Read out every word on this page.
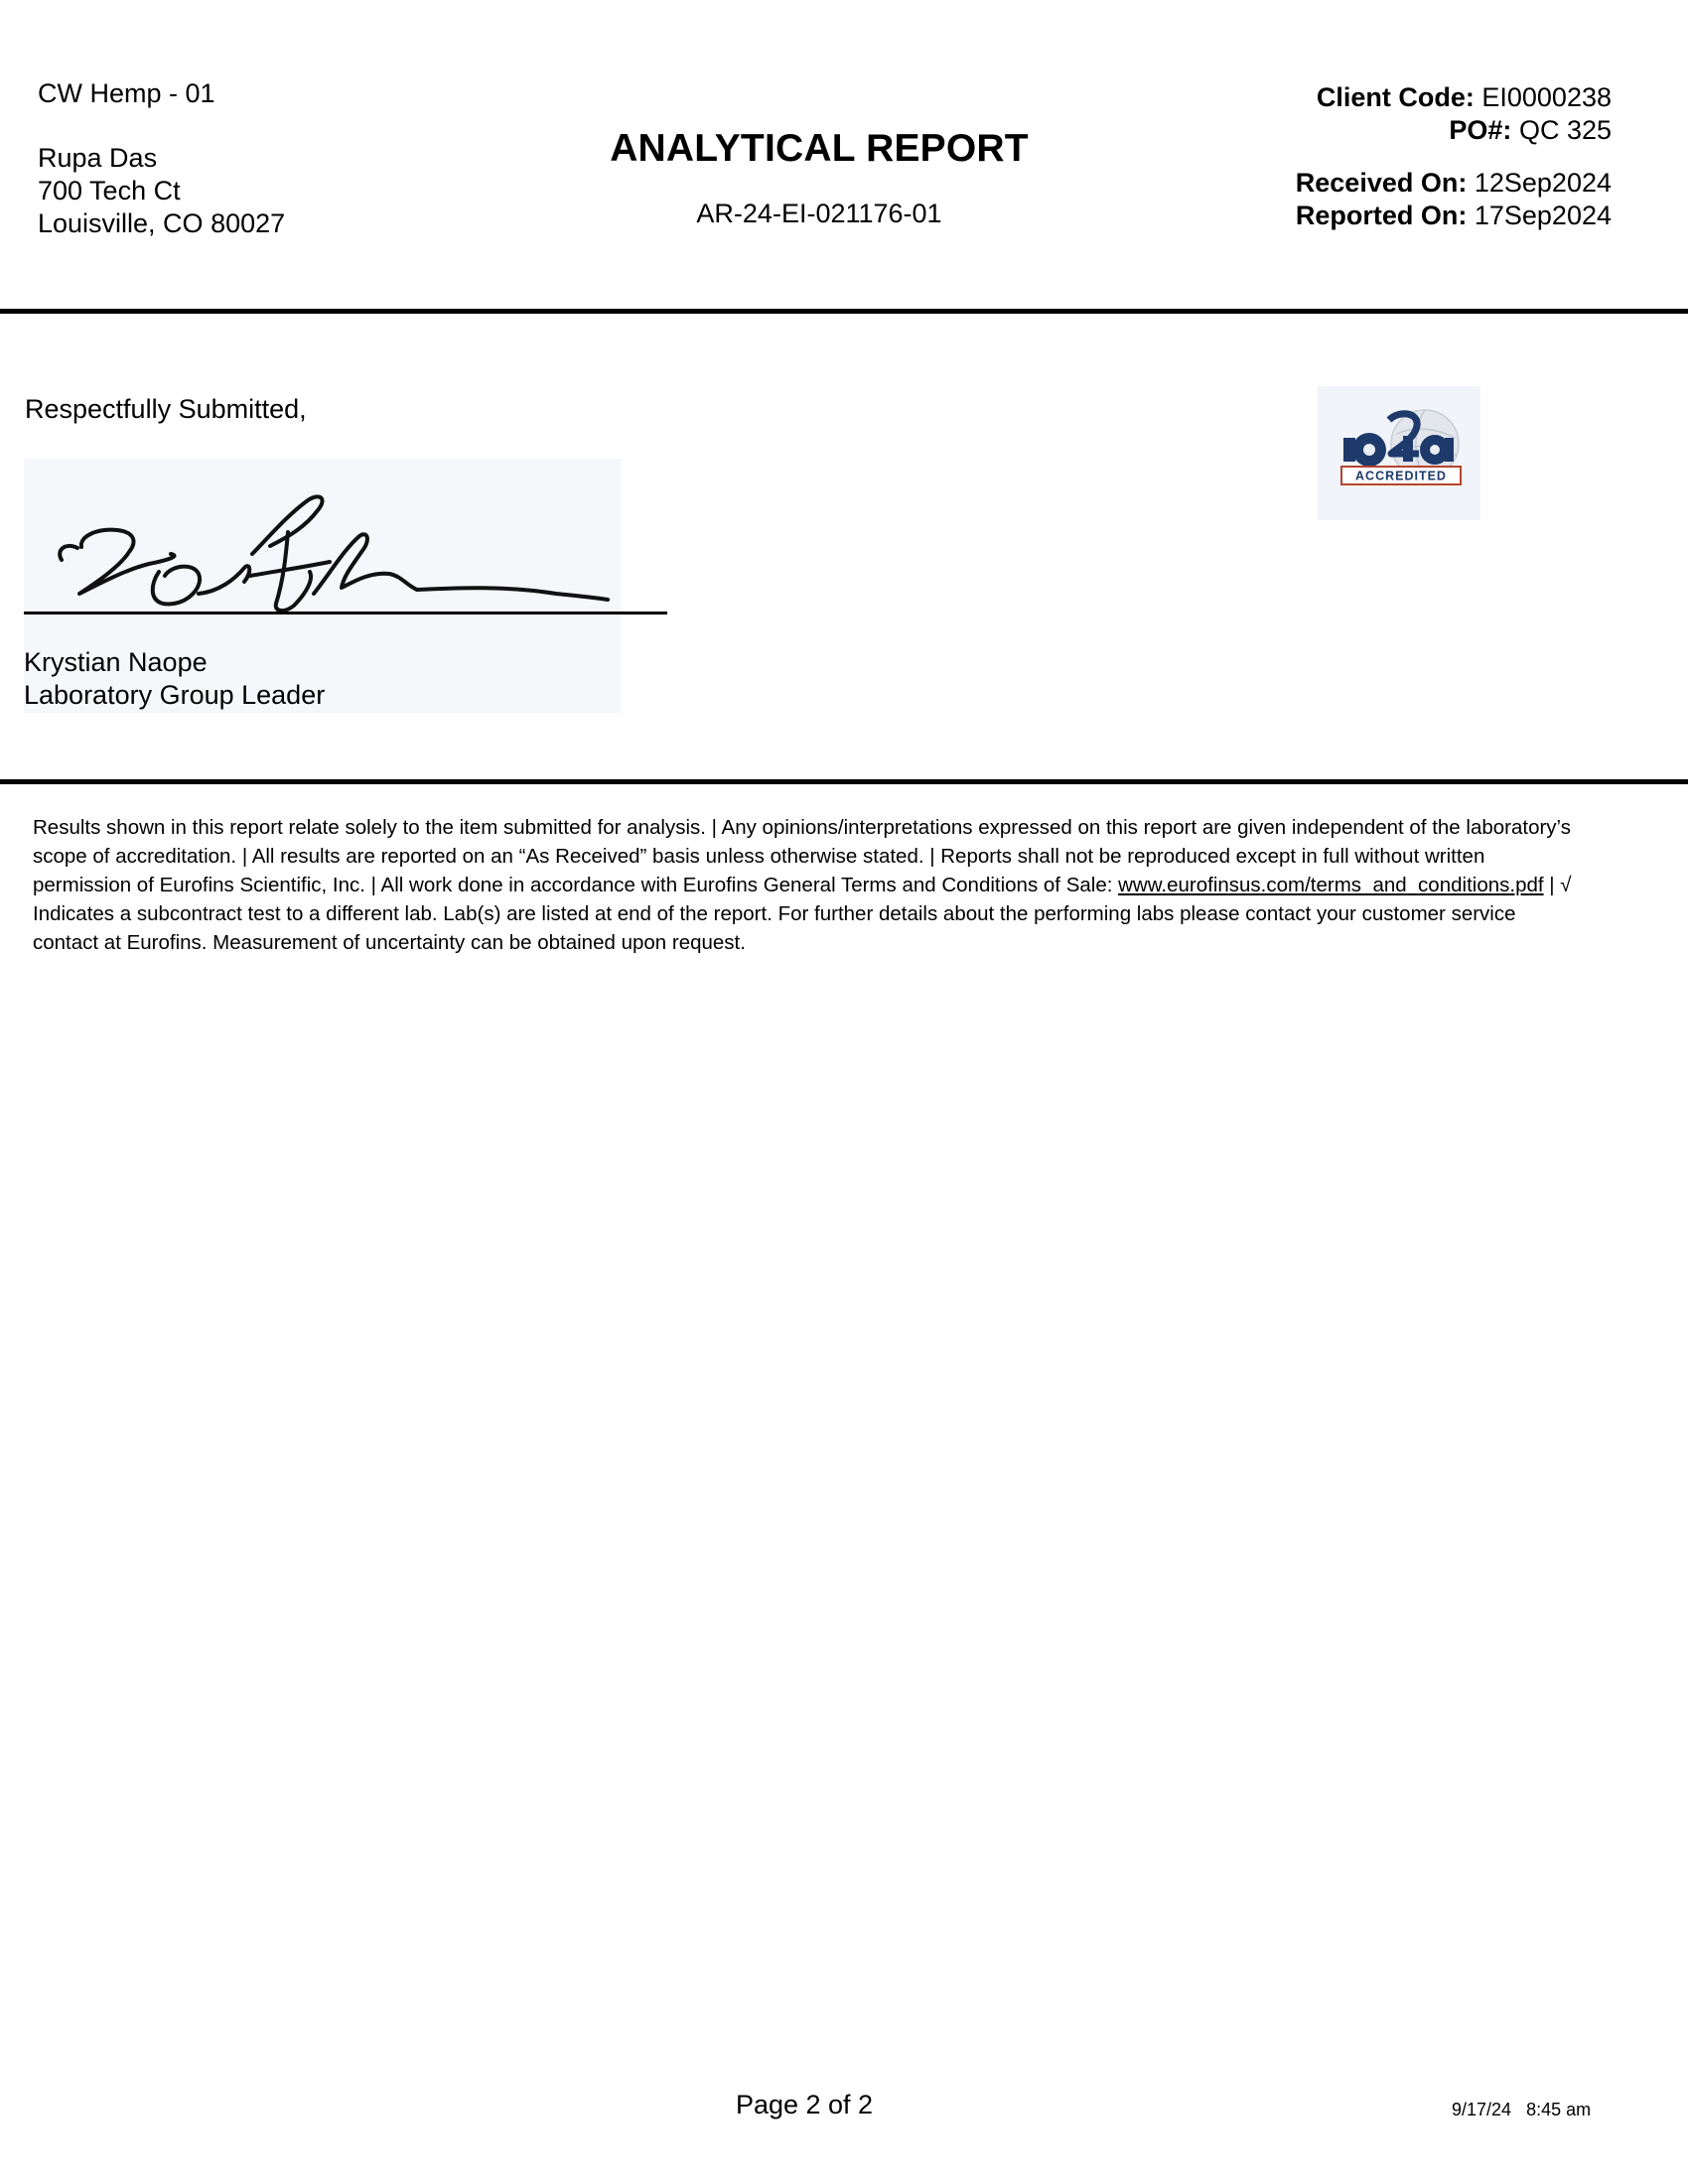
CW Hemp - 01
Rupa Das
700 Tech Ct
Louisville, CO 80027
ANALYTICAL REPORT
AR-24-EI-021176-01
Client Code: EI0000238
PO#: QC 325
Received On: 12Sep2024
Reported On: 17Sep2024
Respectfully Submitted,
Krystian Naope
Laboratory Group Leader
ACCREDITED
Results shown in this report relate solely to the item submitted for analysis. | Any opinions/interpretations expressed on this report are given independent of the laboratory’s scope of accreditation. | All results are reported on an “As Received” basis unless otherwise stated. | Reports shall not be reproduced except in full without written permission of Eurofins Scientific, Inc. | All work done in accordance with Eurofins General Terms and Conditions of Sale: www.eurofinsus.com/terms_and_conditions.pdf | √ Indicates a subcontract test to a different lab. Lab(s) are listed at end of the report. For further details about the performing labs please contact your customer service contact at Eurofins. Measurement of uncertainty can be obtained upon request.
Page 2 of 2	9/17/24 8:45 am
